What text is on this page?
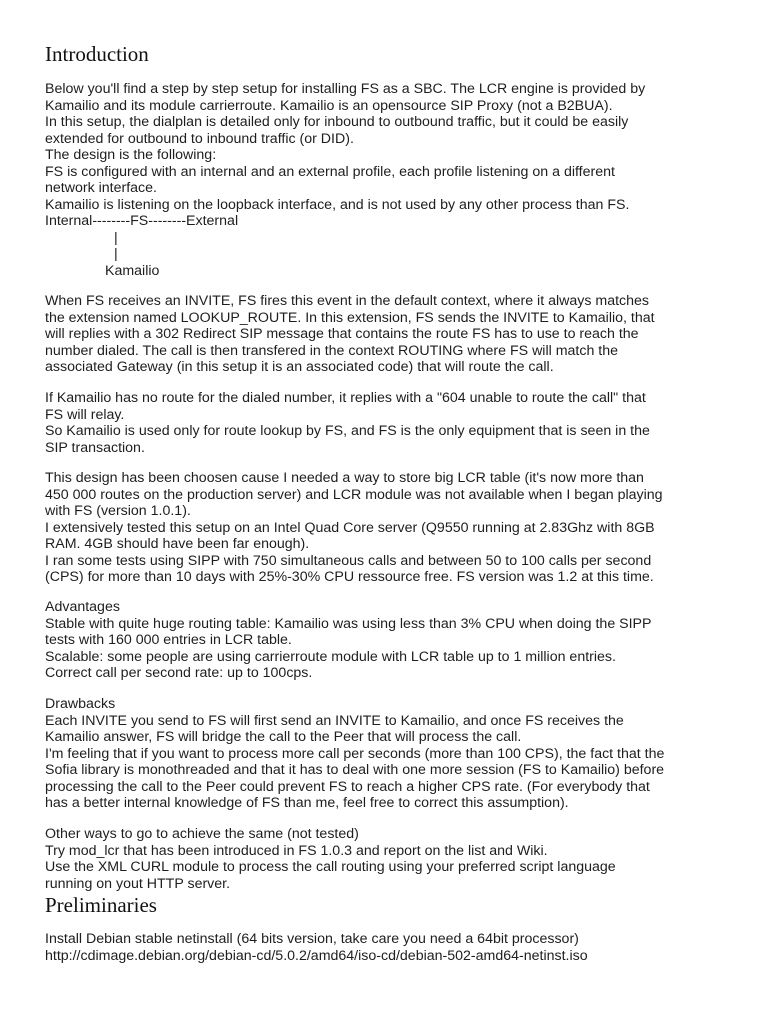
Introduction

Below you'll find a step by step setup for installing FS as a SBC. The LCR engine is provided by

Kamailio and its module carrierroute. Kamailio is an opensource SIP Proxy (not a B2BUA).

In this setup, the dialplan is detailed only for inbound to outbound traffic, but it could be easily

extended for outbound to inbound traffic (or DID).

The design is the following:

FS is configured with an internal and an external profile, each profile listening on a different

network interface.

Kamailio is listening on the loopback interface, and is not used by any other process than FS.

Internal--------FS--------External

|

|

Kamailio

When FS receives an INVITE, FS fires this event in the default context, where it always matches

the extension named LOOKUP_ROUTE. In this extension, FS sends the INVITE to Kamailio, that

will replies with a 302 Redirect SIP message that contains the route FS has to use to reach the

number dialed. The call is then transfered in the context ROUTING where FS will match the

associated Gateway (in this setup it is an associated code) that will route the call.

If Kamailio has no route for the dialed number, it replies with a "604 unable to route the call" that

FS will relay.

So Kamailio is used only for route lookup by FS, and FS is the only equipment that is seen in the

SIP transaction.

This design has been choosen cause I needed a way to store big LCR table (it's now more than

450 000 routes on the production server) and LCR module was not available when I began playing

with FS (version 1.0.1).

I extensively tested this setup on an Intel Quad Core server (Q9550 running at 2.83Ghz with 8GB

RAM. 4GB should have been far enough).

I ran some tests using SIPP with 750 simultaneous calls and between 50 to 100 calls per second

(CPS) for more than 10 days with 25%-30% CPU ressource free. FS version was 1.2 at this time.

Advantages

Stable with quite huge routing table: Kamailio was using less than 3% CPU when doing the SIPP

tests with 160 000 entries in LCR table.

Scalable: some people are using carrierroute module with LCR table up to 1 million entries.

Correct call per second rate: up to 100cps.

Drawbacks

Each INVITE you send to FS will first send an INVITE to Kamailio, and once FS receives the

Kamailio answer, FS will bridge the call to the Peer that will process the call.

I'm feeling that if you want to process more call per seconds (more than 100 CPS), the fact that the

Sofia library is monothreaded and that it has to deal with one more session (FS to Kamailio) before

processing the call to the Peer could prevent FS to reach a higher CPS rate. (For everybody that

has a better internal knowledge of FS than me, feel free to correct this assumption).

Other ways to go to achieve the same (not tested)

Try mod_lcr that has been introduced in FS 1.0.3 and report on the list and Wiki.

Use the XML CURL module to process the call routing using your preferred script language

running on yout HTTP server.

Preliminaries

Install Debian stable netinstall (64 bits version, take care you need a 64bit processor)

http://cdimage.debian.org/debian-cd/5.0.2/amd64/iso-cd/debian-502-amd64-netinst.iso
